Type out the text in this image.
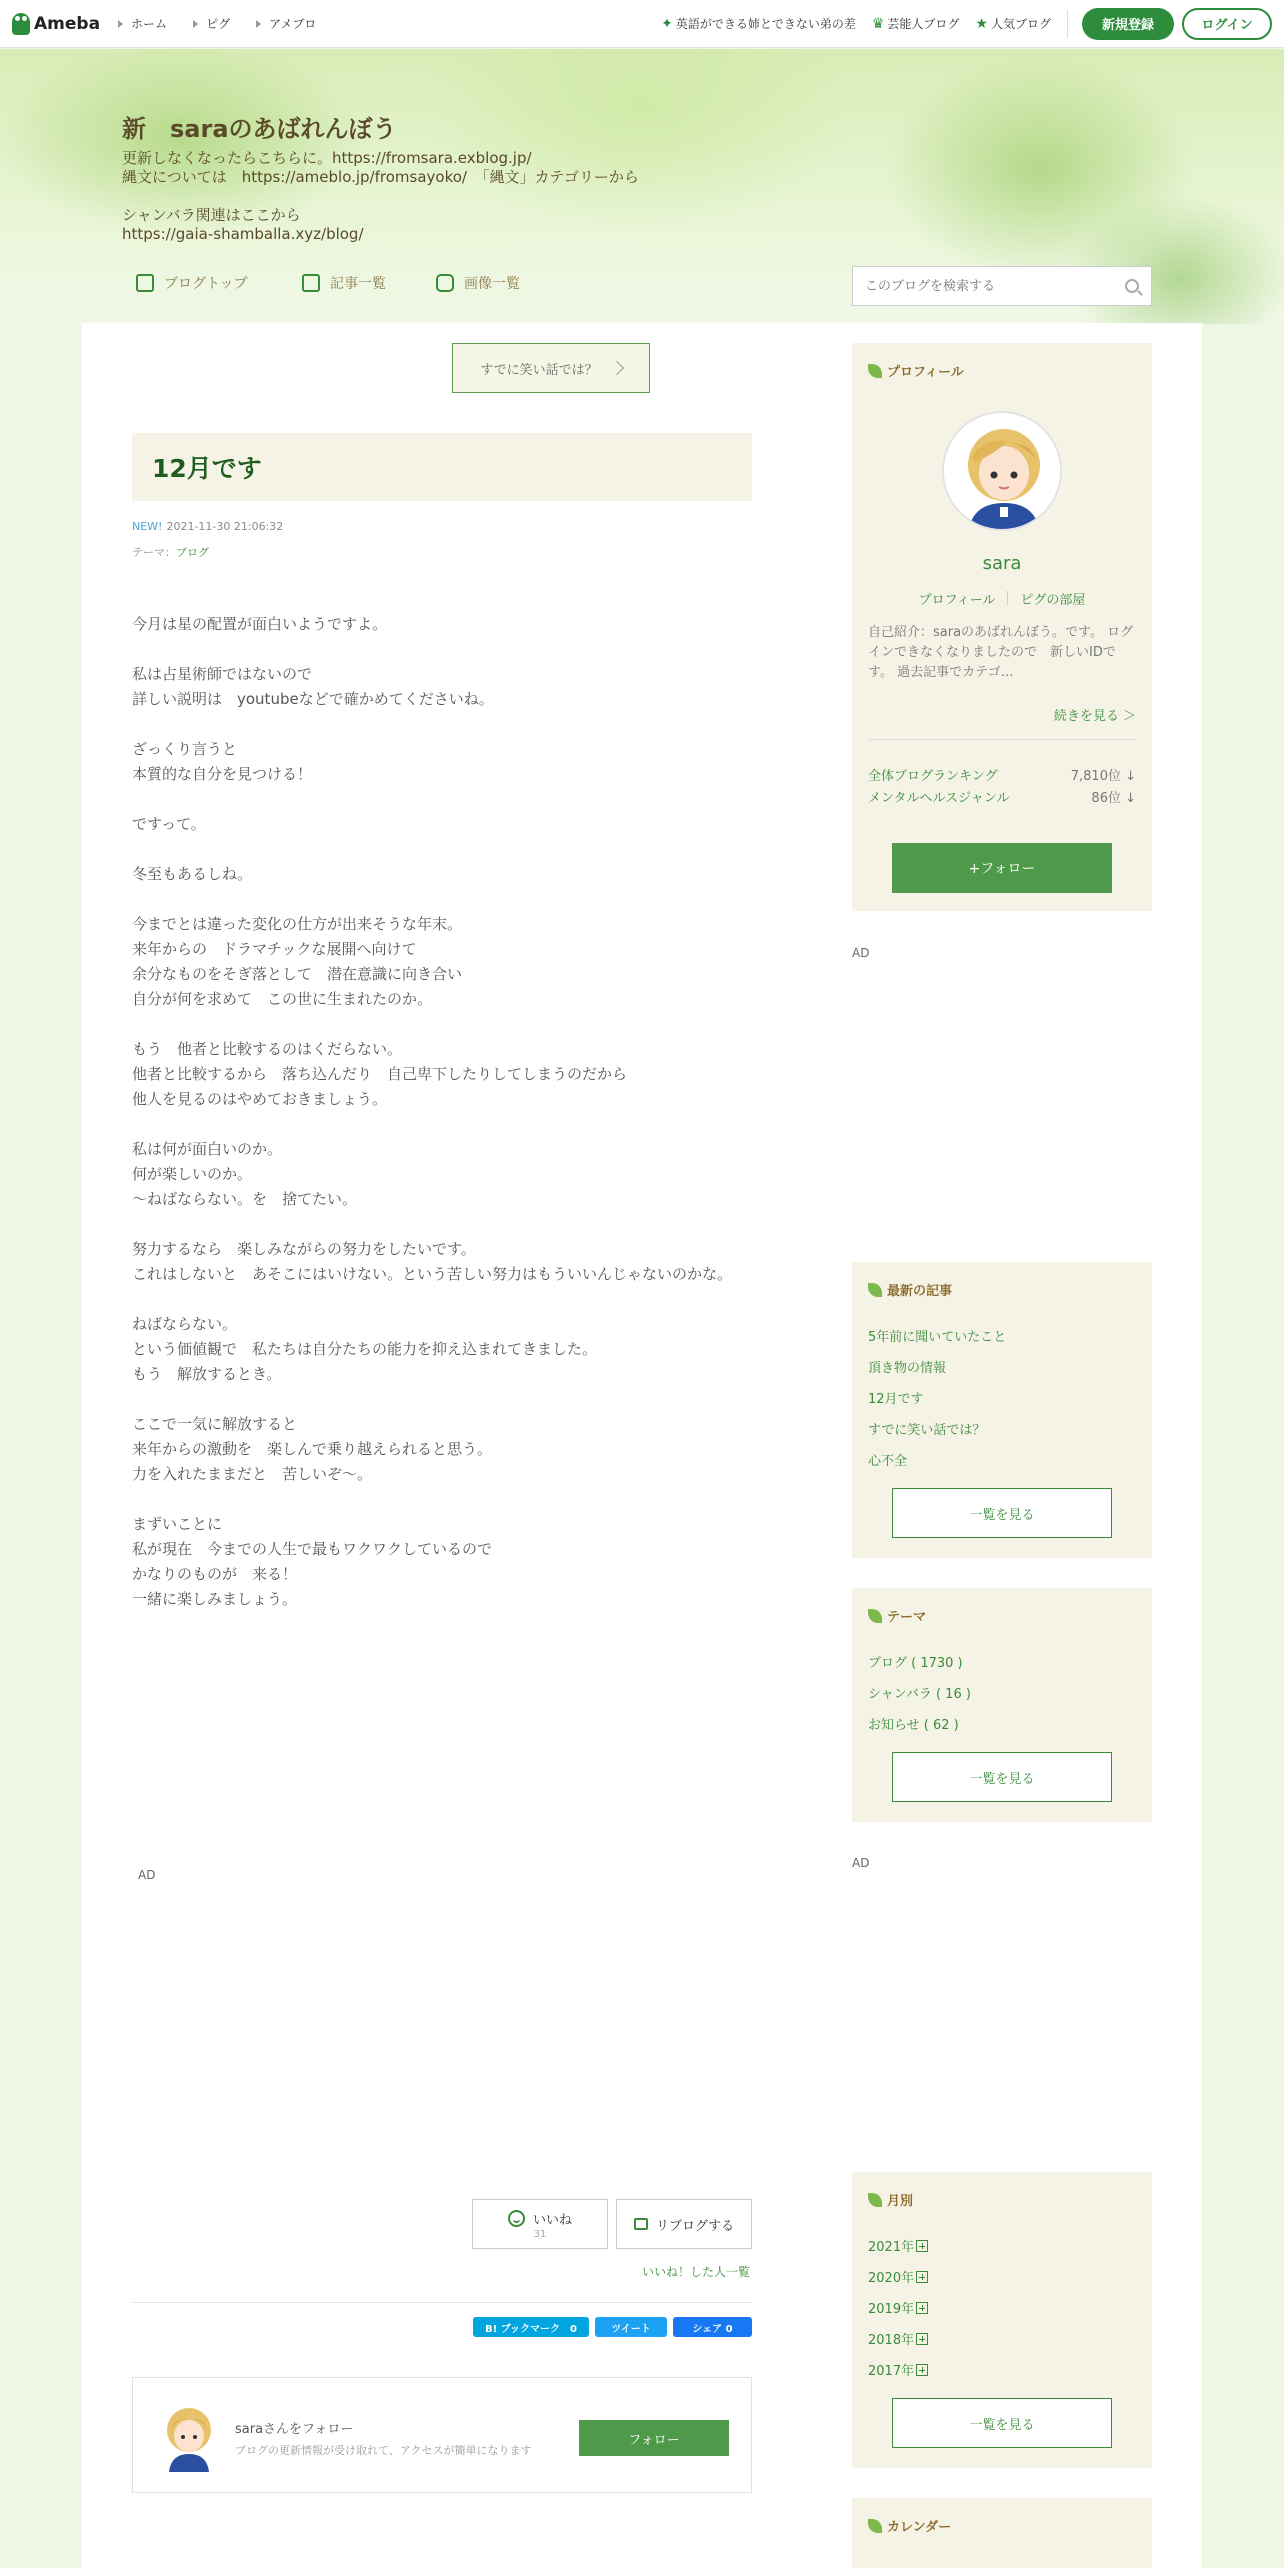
Ameba	ホーム	ピグ	アメブロ	✦ 英語ができる姉とできない弟の差 ♛ 芸能人ブログ ★ 人気ブログ	新規登録	ログイン
新　saraのあばれんぼう
更新しなくなったらこちらに。https://fromsara.exblog.jp/
縄文については　https://ameblo.jp/fromsayoko/　「縄文」カテゴリーから

シャンバラ関連はここから
https://gaia-shamballa.xyz/blog/
ブログトップ	記事一覧	画像一覧
このブログを検索する
すでに笑い話では？
12月です
NEW! 2021-11-30 21:06:32
テーマ：ブログ

今月は星の配置が面白いようですよ。

私は占星術師ではないので

詳しい説明は　youtubeなどで確かめてくださいね。

ざっくり言うと

本質的な自分を見つける！

ですって。

冬至もあるしね。

今までとは違った変化の仕方が出来そうな年末。

来年からの　ドラマチックな展開へ向けて

余分なものをそぎ落として　潜在意識に向き合い

自分が何を求めて　この世に生まれたのか。

もう　他者と比較するのはくだらない。

他者と比較するから　落ち込んだり　自己卑下したりしてしまうのだから

他人を見るのはやめておきましょう。

私は何が面白いのか。

何が楽しいのか。

～ねばならない。を　捨てたい。

努力するなら　楽しみながらの努力をしたいです。

これはしないと　あそこにはいけない。という苦しい努力はもういいんじゃないのかな。

ねばならない。

という価値観で　私たちは自分たちの能力を抑え込まれてきました。

もう　解放するとき。

ここで一気に解放すると

来年からの激動を　楽しんで乗り越えられると思う。

力を入れたままだと　苦しいぞ～。

まずいことに

私が現在　今までの人生で最もワクワクしているので

かなりのものが　来る！

一緒に楽しみましょう。

AD
いいね
31
リブログする
いいね！した人一覧
B! ブックマーク　0	ツイート	シェア 0
saraさんをフォロー
ブログの更新情報が受け取れて、アクセスが簡単になります
フォロー
プロフィール
sara
プロフィール ピグの部屋
自己紹介：saraのあばれんぼう。です。 ログインできなくなりましたので　新しいIDです。 過去記事でカテゴ…
続きを見る ＞
全体ブログランキング	7,810位 ↓
メンタルヘルスジャンル	86位 ↓
+フォロー
AD
最新の記事
5年前に聞いていたこと
頂き物の情報
12月です
すでに笑い話では？
心不全
一覧を見る
テーマ
ブログ ( 1730 )
シャンバラ ( 16 )
お知らせ ( 62 )
一覧を見る
AD
月別
2021年
2020年
2019年
2018年
2017年
一覧を見る
カレンダー
